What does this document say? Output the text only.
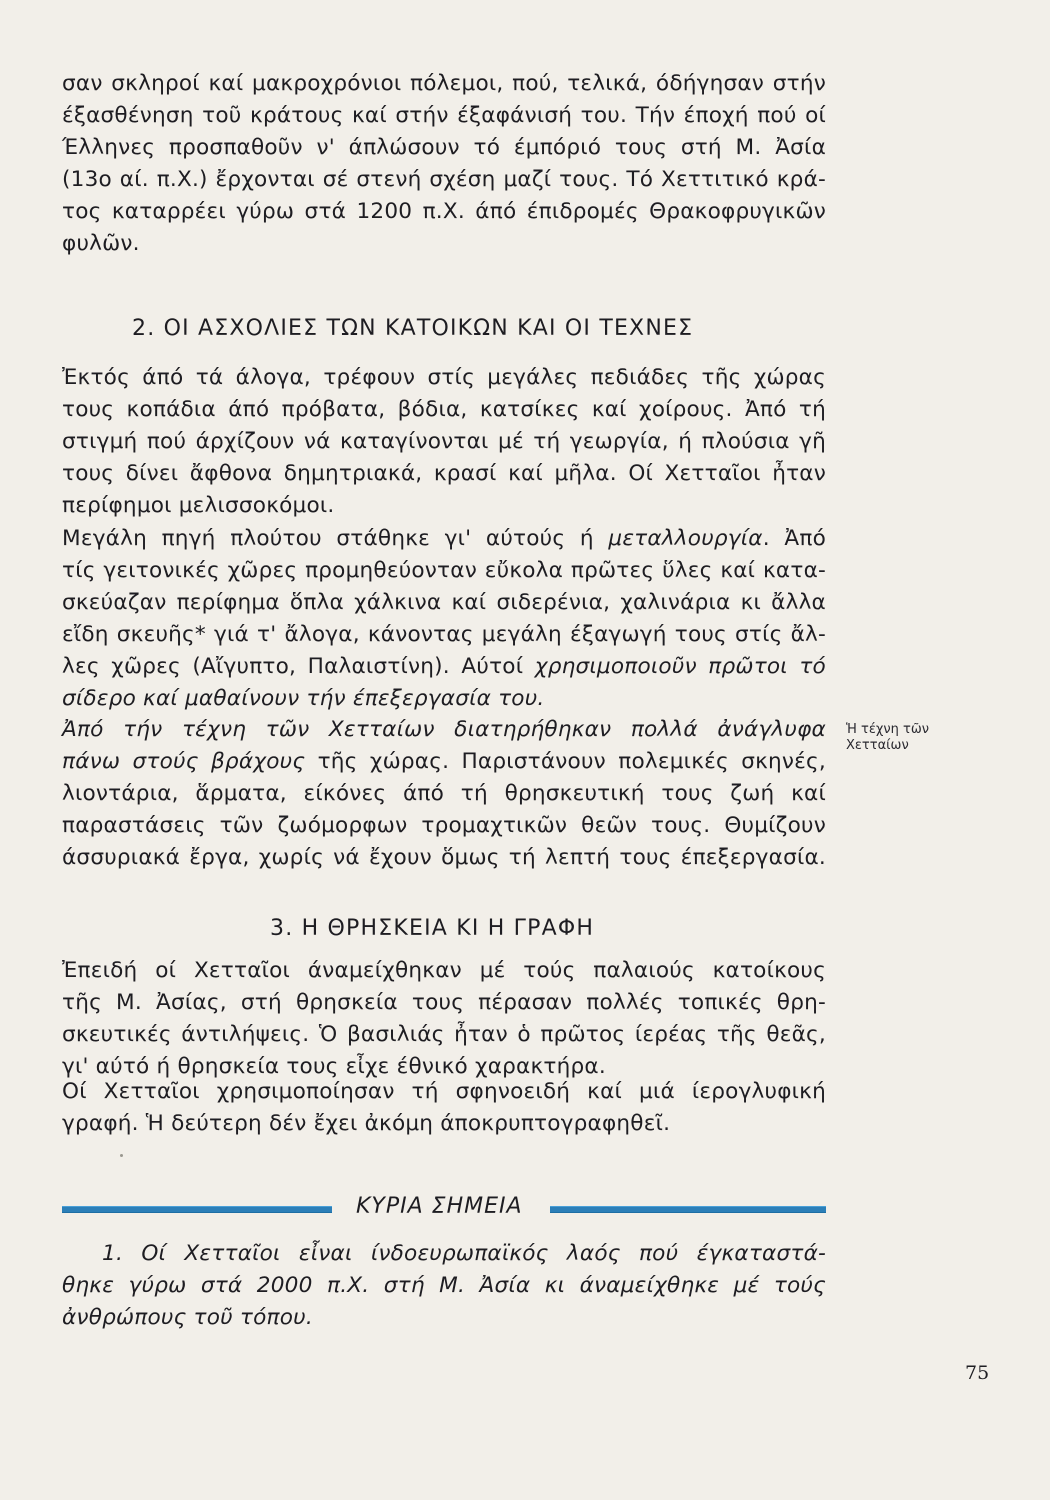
σαν σκληροί καί μακροχρόνιοι πόλεμοι, πού, τελικά, όδήγησαν στήν
έξασθένηση τοῦ κράτους καί στήν έξαφάνισή του. Τήν έποχή πού οί
Έλληνες προσπαθοῦν ν' άπλώσουν τό έμπόριό τους στή Μ. Ἀσία
(13ο αί. π.Χ.) ἔρχονται σέ στενή σχέση μαζί τους. Τό Χεττιτικό κρά-
τος καταρρέει γύρω στά 1200 π.Χ. άπό έπιδρομές Θρακοφρυγικῶν
φυλῶν.
2. ΟΙ ΑΣΧΟΛΙΕΣ ΤΩΝ ΚΑΤΟΙΚΩΝ ΚΑΙ ΟΙ ΤΕΧΝΕΣ
Ἐκτός άπό τά άλογα, τρέφουν στίς μεγάλες πεδιάδες τῆς χώρας
τους κοπάδια άπό πρόβατα, βόδια, κατσίκες καί χοίρους. Ἀπό τή
στιγμή πού άρχίζουν νά καταγίνονται μέ τή γεωργία, ή πλούσια γῆ
τους δίνει ἄφθονα δημητριακά, κρασί καί μῆλα. Οί Χετταῖοι ἦταν
περίφημοι μελισσοκόμοι.
Μεγάλη πηγή πλούτου στάθηκε γι' αύτούς ή μεταλλουργία. Ἀπό
τίς γειτονικές χῶρες προμηθεύονταν εὔκολα πρῶτες ὕλες καί κατα-
σκεύαζαν περίφημα ὅπλα χάλκινα καί σιδερένια, χαλινάρια κι ἄλλα
εἴδη σκευῆς* γιά τ' ἄλογα, κάνοντας μεγάλη έξαγωγή τους στίς ἄλ-
λες χῶρες (Αἴγυπτο, Παλαιστίνη). Αύτοί χρησιμοποιοῦν πρῶτοι τό
σίδερο καί μαθαίνουν τήν έπεξεργασία του.
Ἀπό τήν τέχνη τῶν Χετταίων διατηρήθηκαν πολλά ἀνάγλυφα
πάνω στούς βράχους τῆς χώρας. Παριστάνουν πολεμικές σκηνές,
λιοντάρια, ἅρματα, είκόνες άπό τή θρησκευτική τους ζωή καί
παραστάσεις τῶν ζωόμορφων τρομαχτικῶν θεῶν τους. Θυμίζουν
άσσυριακά ἔργα, χωρίς νά ἔχουν ὅμως τή λεπτή τους έπεξεργασία.
Ἡ τέχνη τῶν Χετταίων
3. Η ΘΡΗΣΚΕΙΑ ΚΙ Η ΓΡΑΦΗ
Ἐπειδή οί Χετταῖοι άναμείχθηκαν μέ τούς παλαιούς κατοίκους
τῆς Μ. Ἀσίας, στή θρησκεία τους πέρασαν πολλές τοπικές θρη-
σκευτικές άντιλήψεις. Ὁ βασιλιάς ἦταν ὁ πρῶτος ίερέας τῆς θεᾶς,
γι' αύτό ή θρησκεία τους εἶχε έθνικό χαρακτήρα.
Οί Χετταῖοι χρησιμοποίησαν τή σφηνοειδή καί μιά ίερογλυφική
γραφή. Ἡ δεύτερη δέν ἔχει ἀκόμη άποκρυπτογραφηθεῖ.
ΚΥΡΙΑ ΣΗΜΕΙΑ
1. Οί Χετταῖοι εἶναι ίνδοευρωπαϊκός λαός πού έγκαταστά-
θηκε γύρω στά 2000 π.Χ. στή Μ. Ἀσία κι άναμείχθηκε μέ τούς
ἀνθρώπους τοῦ τόπου.
75
